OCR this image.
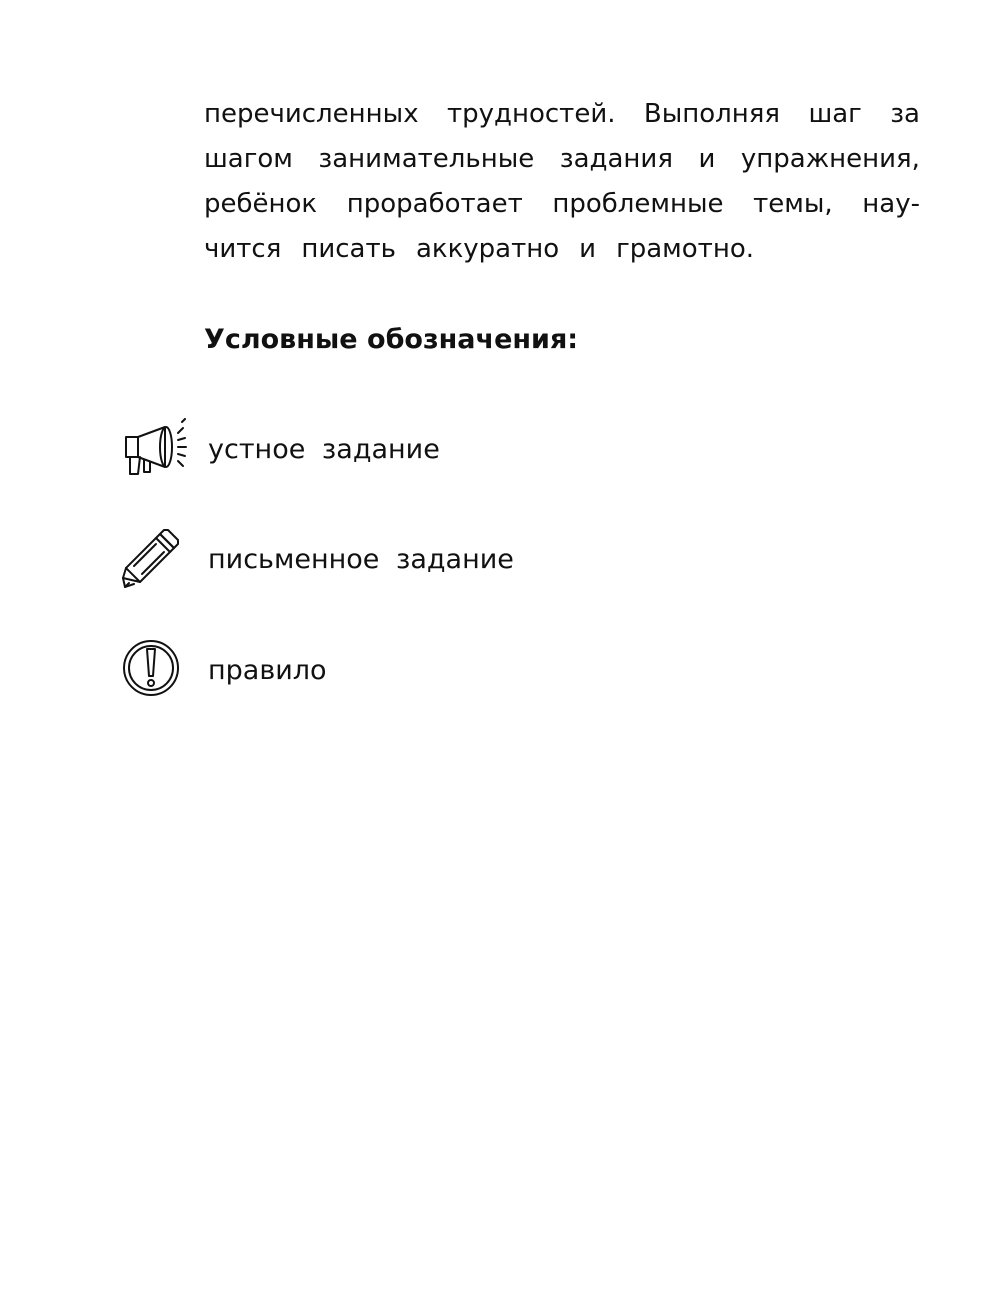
перечисленных трудностей. Выполняя шаг за
шагом занимательные задания и упражнения,
ребёнок проработает проблемные темы, нау-
чится писать аккуратно и грамотно.
Условные обозначения:
устное задание
письменное задание
правило
